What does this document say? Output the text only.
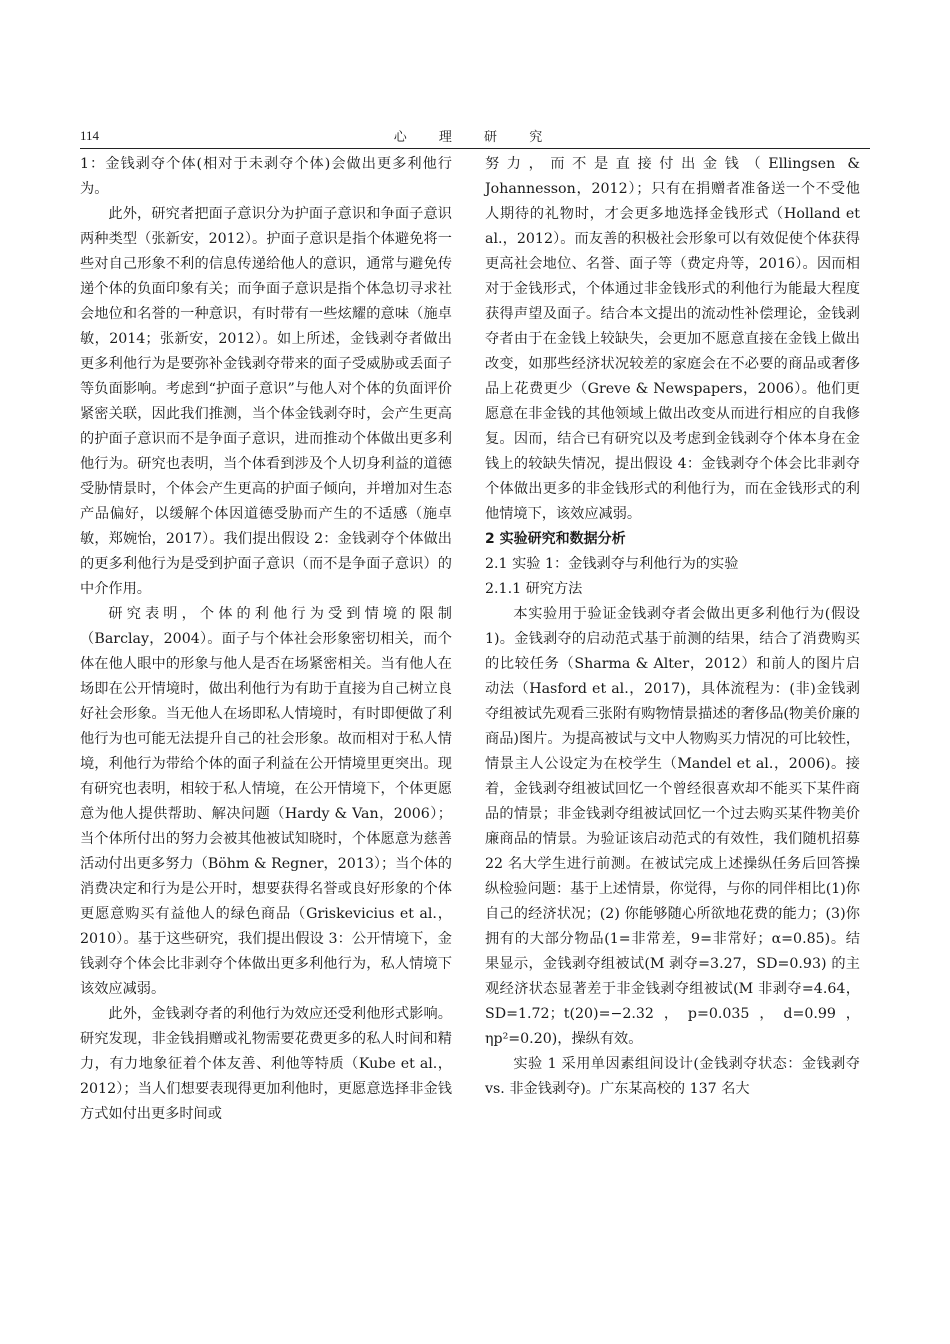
114	心 理 研 究

1：金钱剥夺个体(相对于未剥夺个体)会做出更多利他行为。

此外，研究者把面子意识分为护面子意识和争面子意识两种类型（张新安，2012）。护面子意识是指个体避免将一些对自己形象不利的信息传递给他人的意识，通常与避免传递个体的负面印象有关；而争面子意识是指个体急切寻求社会地位和名誉的一种意识，有时带有一些炫耀的意味（施卓敏，2014；张新安，2012）。如上所述，金钱剥夺者做出更多利他行为是要弥补金钱剥夺带来的面子受威胁或丢面子等负面影响。考虑到“护面子意识”与他人对个体的负面评价紧密关联，因此我们推测，当个体金钱剥夺时，会产生更高的护面子意识而不是争面子意识，进而推动个体做出更多利他行为。研究也表明，当个体看到涉及个人切身利益的道德受胁情景时，个体会产生更高的护面子倾向，并增加对生态产品偏好，以缓解个体因道德受胁而产生的不适感（施卓敏，郑婉怡，2017）。我们提出假设 2：金钱剥夺个体做出的更多利他行为是受到护面子意识（而不是争面子意识）的中介作用。

研究表明，个体的利他行为受到情境的限制（Barclay，2004）。面子与个体社会形象密切相关，而个体在他人眼中的形象与他人是否在场紧密相关。当有他人在场即在公开情境时，做出利他行为有助于直接为自己树立良好社会形象。当无他人在场即私人情境时，有时即便做了利他行为也可能无法提升自己的社会形象。故而相对于私人情境，利他行为带给个体的面子利益在公开情境里更突出。现有研究也表明，相较于私人情境，在公开情境下，个体更愿意为他人提供帮助、解决问题（Hardy & Van，2006）；当个体所付出的努力会被其他被试知晓时，个体愿意为慈善活动付出更多努力（Böhm & Regner，2013）；当个体的消费决定和行为是公开时，想要获得名誉或良好形象的个体更愿意购买有益他人的绿色商品（Griskevicius et al.，2010）。基于这些研究，我们提出假设 3：公开情境下，金钱剥夺个体会比非剥夺个体做出更多利他行为，私人情境下该效应减弱。

此外，金钱剥夺者的利他行为效应还受利他形式影响。研究发现，非金钱捐赠或礼物需要花费更多的私人时间和精力，有力地象征着个体友善、利他等特质（Kube et al.，2012）；当人们想要表现得更加利他时，更愿意选择非金钱方式如付出更多时间或

努力，而不是直接付出金钱（Ellingsen & Johannesson，2012）；只有在捐赠者准备送一个不受他人期待的礼物时，才会更多地选择金钱形式（Holland et al.，2012）。而友善的积极社会形象可以有效促使个体获得更高社会地位、名誉、面子等（费定舟等，2016）。因而相对于金钱形式，个体通过非金钱形式的利他行为能最大程度获得声望及面子。结合本文提出的流动性补偿理论，金钱剥夺者由于在金钱上较缺失，会更加不愿意直接在金钱上做出改变，如那些经济状况较差的家庭会在不必要的商品或奢侈品上花费更少（Greve & Newspapers，2006）。他们更愿意在非金钱的其他领域上做出改变从而进行相应的自我修复。因而，结合已有研究以及考虑到金钱剥夺个体本身在金钱上的较缺失情况，提出假设 4：金钱剥夺个体会比非剥夺个体做出更多的非金钱形式的利他行为，而在金钱形式的利他情境下，该效应减弱。

2 实验研究和数据分析

2.1 实验 1：金钱剥夺与利他行为的实验

2.1.1 研究方法

本实验用于验证金钱剥夺者会做出更多利他行为(假设 1)。金钱剥夺的启动范式基于前测的结果，结合了消费购买的比较任务（Sharma & Alter，2012）和前人的图片启动法（Hasford et al.，2017)，具体流程为：(非)金钱剥夺组被试先观看三张附有购物情景描述的奢侈品(物美价廉的商品)图片。为提高被试与文中人物购买力情况的可比较性，情景主人公设定为在校学生（Mandel et al.，2006)。接着，金钱剥夺组被试回忆一个曾经很喜欢却不能买下某件商品的情景；非金钱剥夺组被试回忆一个过去购买某件物美价廉商品的情景。为验证该启动范式的有效性，我们随机招募 22 名大学生进行前测。在被试完成上述操纵任务后回答操纵检验问题：基于上述情景，你觉得，与你的同伴相比(1)你自己的经济状况；(2) 你能够随心所欲地花费的能力；(3)你拥有的大部分物品(1=非常差，9=非常好；α=0.85)。结果显示，金钱剥夺组被试(M 剥夺=3.27，SD=0.93) 的主观经济状态显著差于非金钱剥夺组被试(M 非剥夺=4.64，SD=1.72；t(20)=−2.32，p=0.035，d=0.99，ηp²=0.20)，操纵有效。

实验 1 采用单因素组间设计(金钱剥夺状态：金钱剥夺 vs. 非金钱剥夺)。广东某高校的 137 名大
